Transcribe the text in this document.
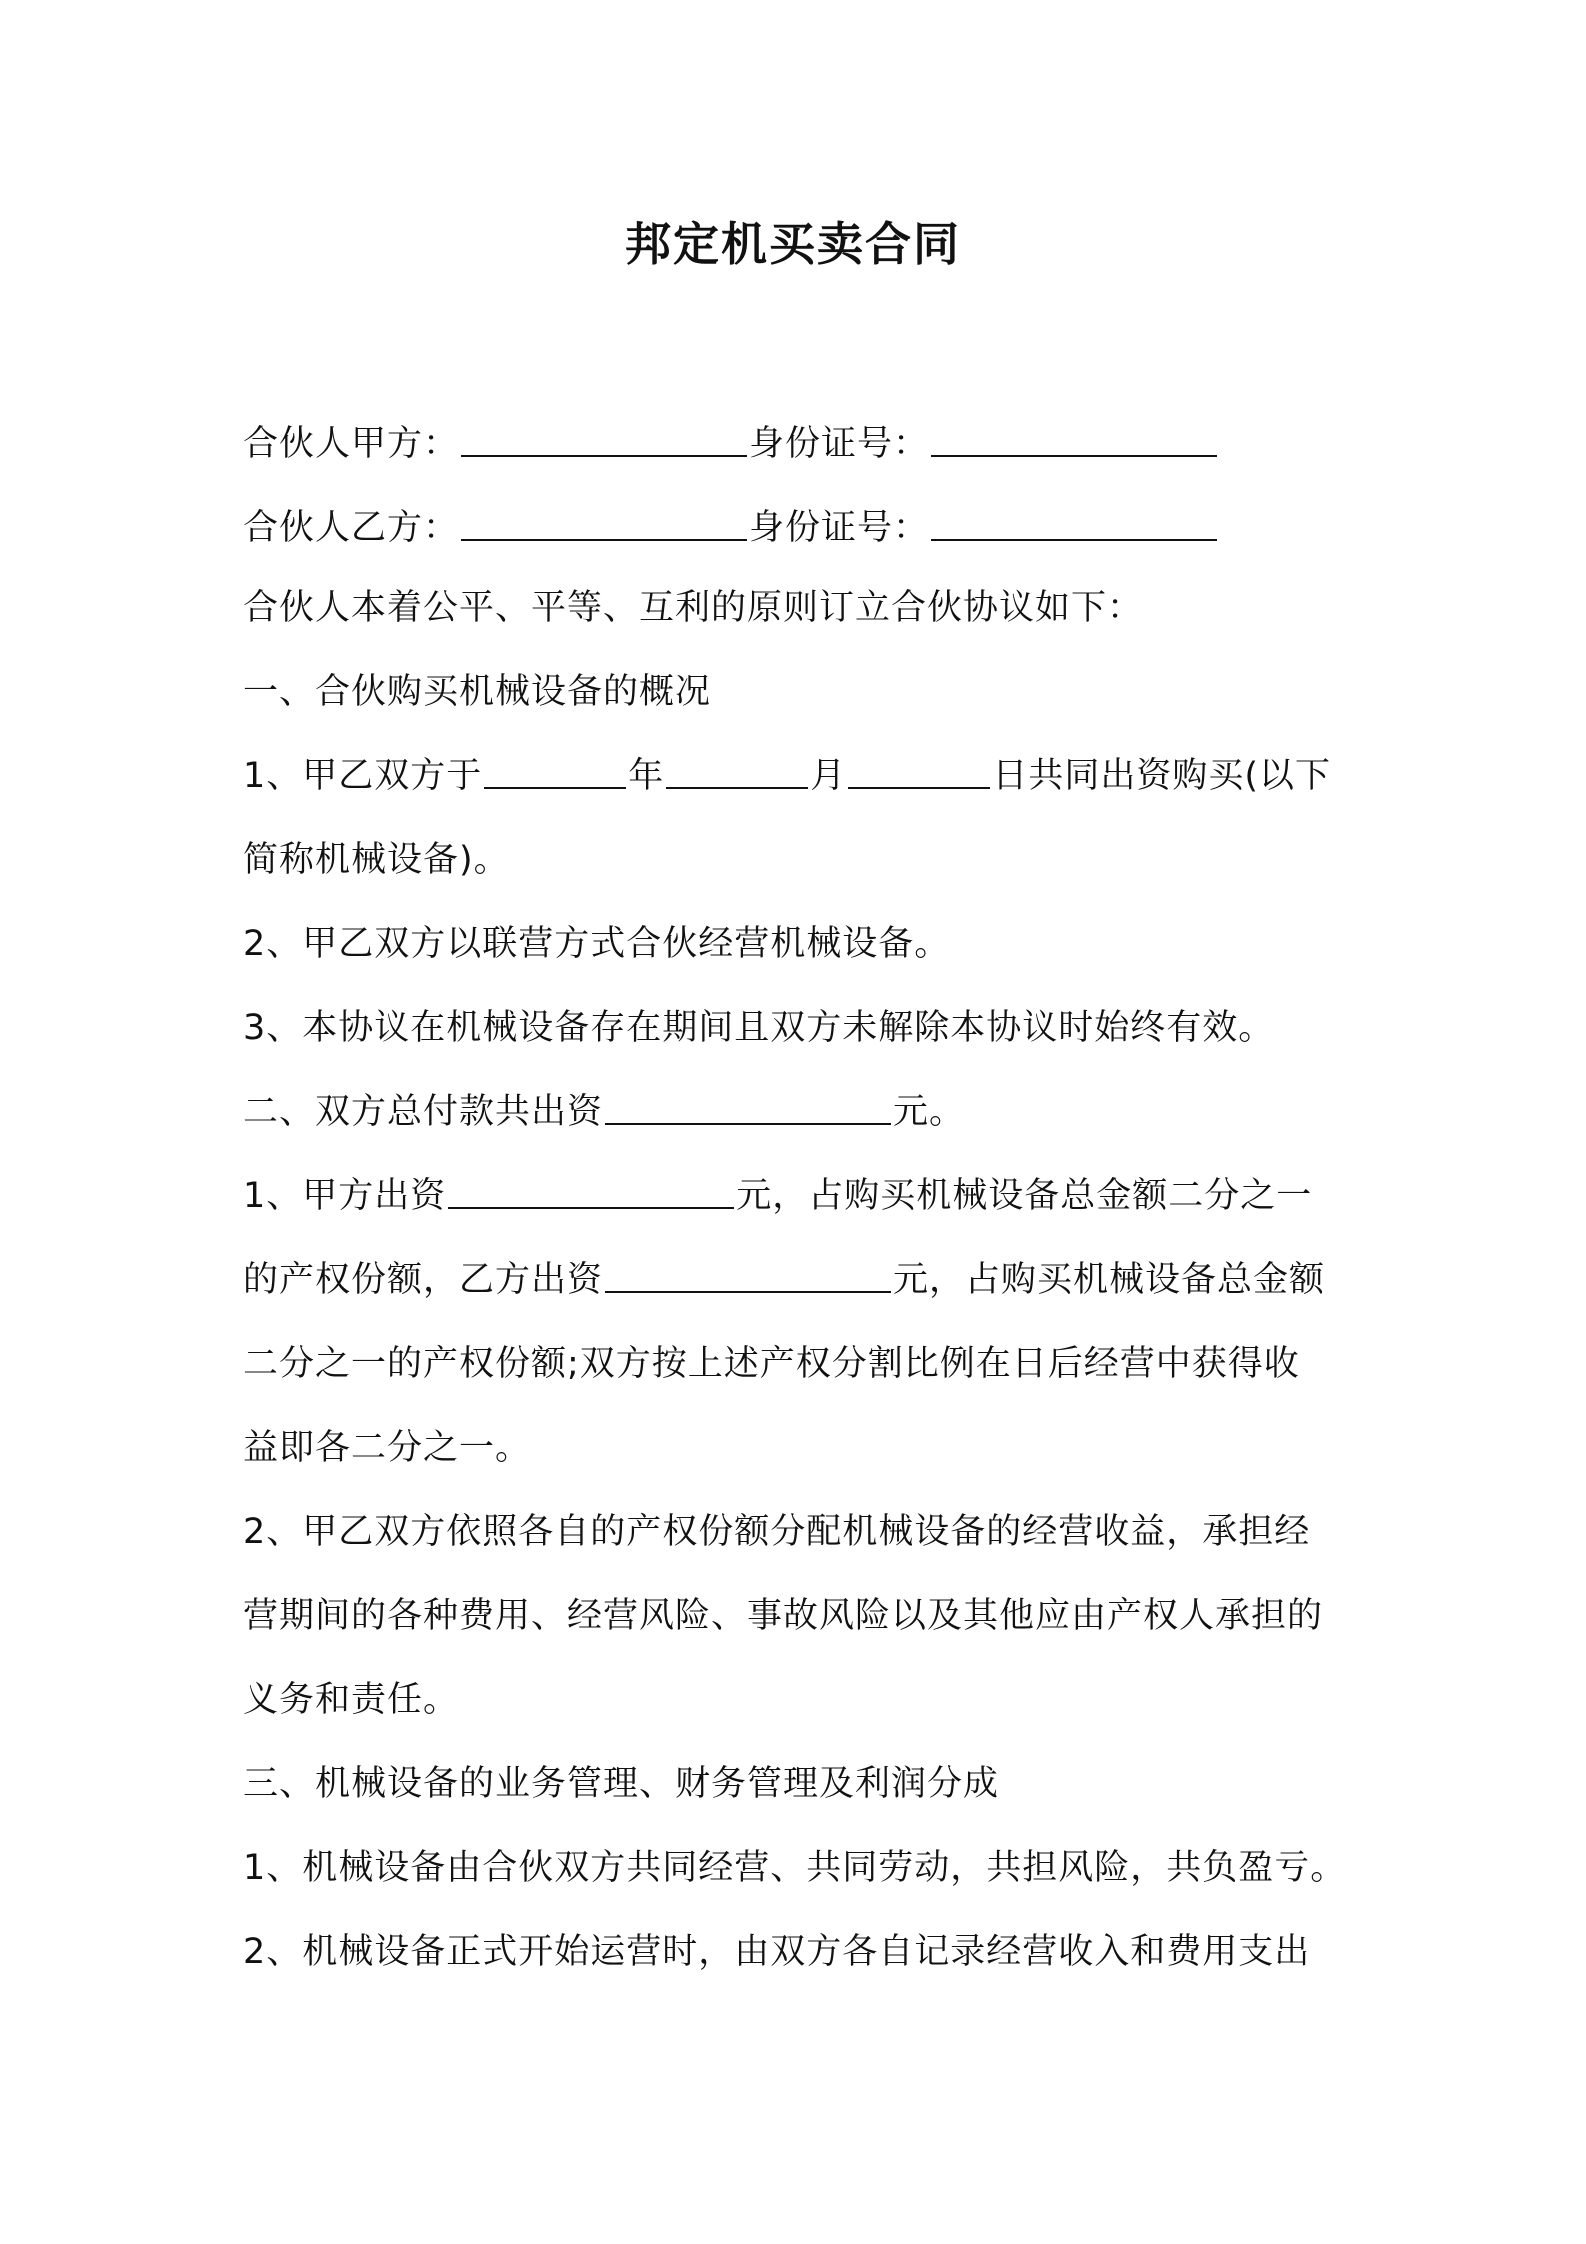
邦定机买卖合同
合伙人甲方：	身份证号：
合伙人乙方：	身份证号：
合伙人本着公平、平等、互利的原则订立合伙协议如下：
一、合伙购买机械设备的概况
1、甲乙双方于	年	月	日共同出资购买(以下
简称机械设备)。
2、甲乙双方以联营方式合伙经营机械设备。
3、本协议在机械设备存在期间且双方未解除本协议时始终有效。
二、双方总付款共出资	元。
1、甲方出资	元，占购买机械设备总金额二分之一
的产权份额，乙方出资	元，占购买机械设备总金额
二分之一的产权份额;双方按上述产权分割比例在日后经营中获得收
益即各二分之一。
2、甲乙双方依照各自的产权份额分配机械设备的经营收益，承担经
营期间的各种费用、经营风险、事故风险以及其他应由产权人承担的
义务和责任。
三、机械设备的业务管理、财务管理及利润分成
1、机械设备由合伙双方共同经营、共同劳动，共担风险，共负盈亏。
2、机械设备正式开始运营时，由双方各自记录经营收入和费用支出
